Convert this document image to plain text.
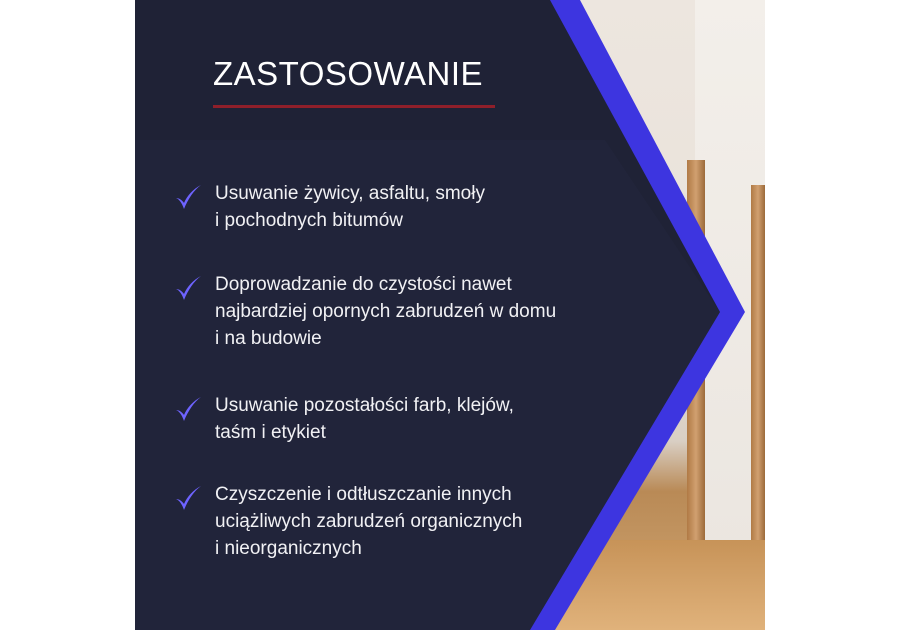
ZASTOSOWANIE
Usuwanie żywicy, asfaltu, smoły
i pochodnych bitumów
Doprowadzanie do czystości nawet
najbardziej opornych zabrudzeń w domu
i na budowie
Usuwanie pozostałości farb, klejów,
taśm i etykiet
Czyszczenie i odtłuszczanie innych
uciążliwych zabrudzeń organicznych
i nieorganicznych
